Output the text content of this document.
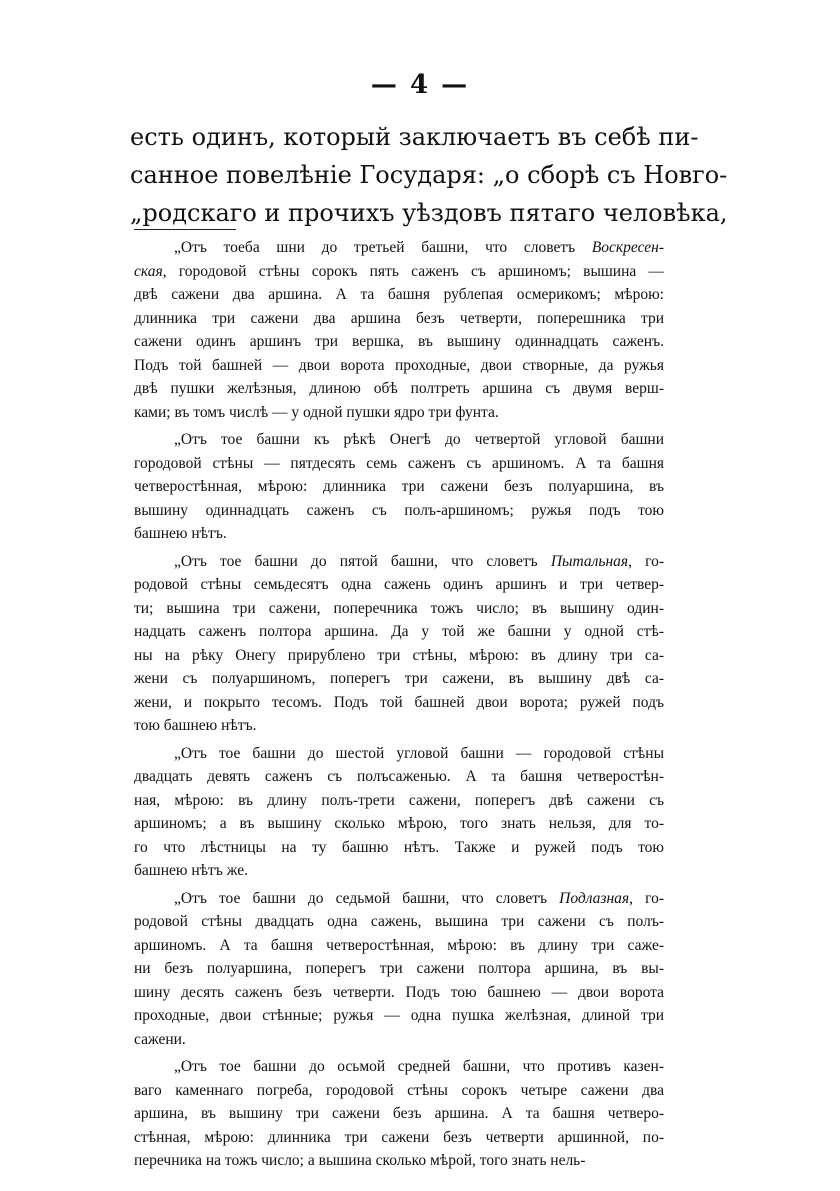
— 4 —
есть одинъ, который заключаетъ въ себѣ пи-
санное повелѣніе Государя: „о сборѣ съ Новго-
„родскаго и прочихъ уѣздовъ пятаго человѣка,
„Отъ тоеба шни до третьей башни, что словетъ Воскресен-
ская, городовой стѣны сорокъ пять саженъ съ аршиномъ; вышина —
двѣ сажени два аршина. А та башня рублепая осмерикомъ; мѣрою:
длинника три сажени два аршина безъ четверти, поперешника три
сажени одинъ аршинъ три вершка, въ вышину одиннадцать саженъ.
Подъ той башней — двои ворота проходные, двои створные, да ружья
двѣ пушки желѣзныя, длиною обѣ полтреть аршина съ двумя верш-
ками; въ томъ числѣ — у одной пушки ядро три фунта.
„Отъ тое башни къ рѣкѣ Онегѣ до четвертой угловой башни
городовой стѣны — пятдесять семь саженъ съ аршиномъ. А та башня
четверостѣнная, мѣрою: длинника три сажени безъ полуаршина, въ
вышину одиннадцать саженъ съ полъ-аршиномъ; ружья подъ тою
башнею нѣтъ.
„Отъ тое башни до пятой башни, что словетъ Пытальная, го-
родовой стѣны семьдесятъ одна сажень одинъ аршинъ и три четвер-
ти; вышина три сажени, поперечника тожъ число; въ вышину один-
надцать саженъ полтора аршина. Да у той же башни у одной стѣ-
ны на рѣку Онегу прирублено три стѣны, мѣрою: въ длину три са-
жени съ полуаршиномъ, поперегъ три сажени, въ вышину двѣ са-
жени, и покрыто тесомъ. Подъ той башней двои ворота; ружей подъ
тою башнею нѣтъ.
„Отъ тое башни до шестой угловой башни — городовой стѣны
двадцать девять саженъ съ полъсаженью. А та башня четверостѣн-
ная, мѣрою: въ длину полъ-трети сажени, поперегъ двѣ сажени съ
аршиномъ; а въ вышину сколько мѣрою, того знать нельзя, для то-
го что лѣстницы на ту башню нѣтъ. Также и ружей подъ тою
башнею нѣтъ же.
„Отъ тое башни до седьмой башни, что словетъ Подлазная, го-
родовой стѣны двадцать одна сажень, вышина три сажени съ полъ-
аршиномъ. А та башня четверостѣнная, мѣрою: въ длину три саже-
ни безъ полуаршина, поперегъ три сажени полтора аршина, въ вы-
шину десять саженъ безъ четверти. Подъ тою башнею — двои ворота
проходные, двои стѣнные; ружья — одна пушка желѣзная, длиной три
сажени.
„Отъ тое башни до осьмой средней башни, что противъ казен-
ваго каменнаго погреба, городовой стѣны сорокъ четыре сажени два
аршина, въ вышину три сажени безъ аршина. А та башня четверо-
стѣнная, мѣрою: длинника три сажени безъ четверти аршинной, по-
перечника на тожъ число; а вышина сколько мѣрой, того знать нель-
